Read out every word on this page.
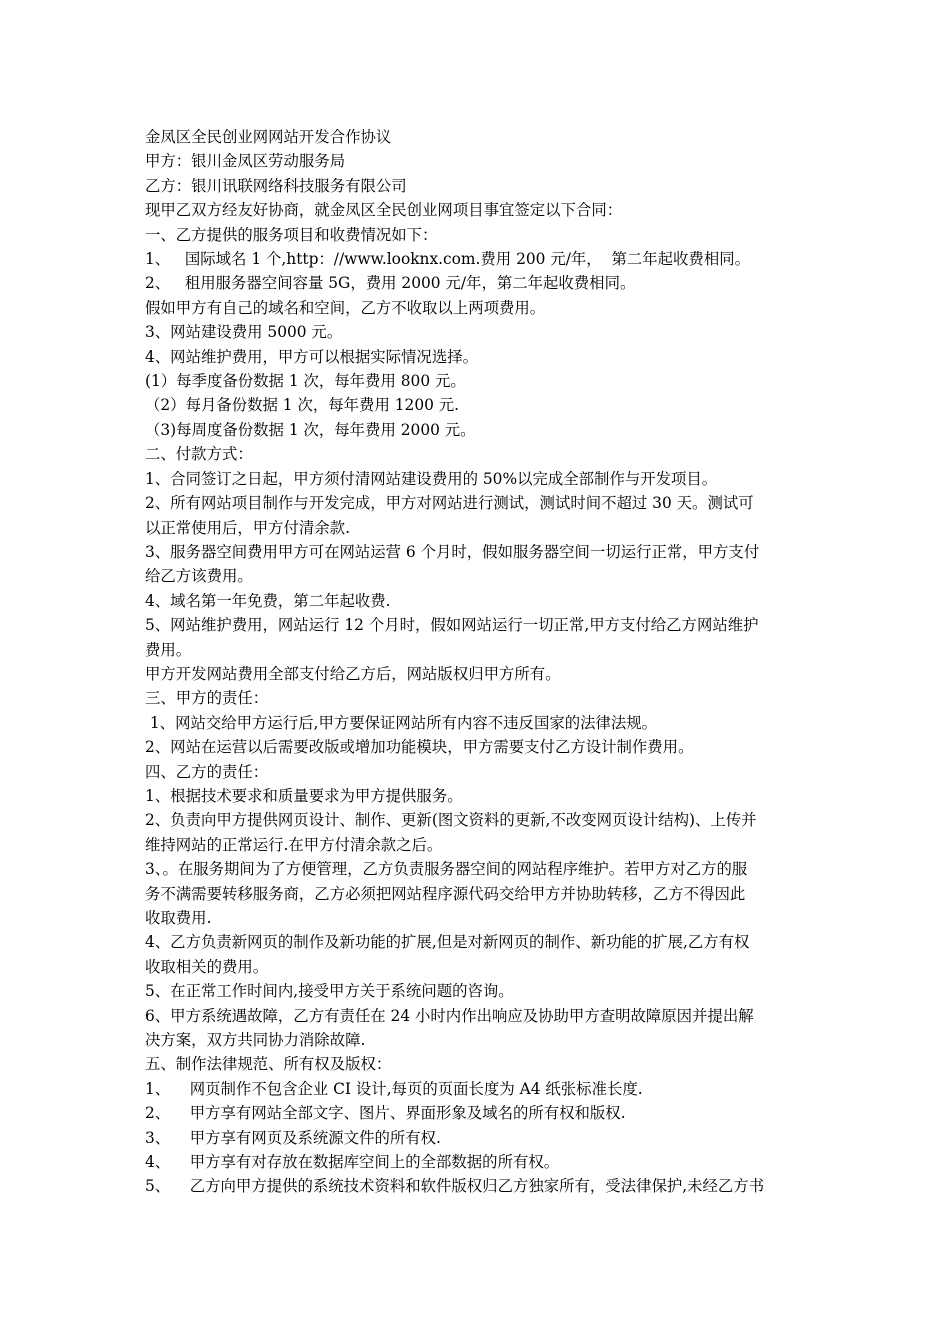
金凤区全民创业网网站开发合作协议

甲方：银川金凤区劳动服务局

乙方：银川讯联网络科技服务有限公司

现甲乙双方经友好协商，就金凤区全民创业网项目事宜签定以下合同：

一、乙方提供的服务项目和收费情况如下：

1、   国际域名 1 个,http：//www.looknx.com.费用 200 元/年，  第二年起收费相同。

2、   租用服务器空间容量 5G，费用 2000 元/年，第二年起收费相同。

假如甲方有自己的域名和空间，乙方不收取以上两项费用。

3、网站建设费用 5000 元。

4、网站维护费用，甲方可以根据实际情况选择。

(1）每季度备份数据 1 次，每年费用 800 元。

（2）每月备份数据 1 次，每年费用 1200 元.

（3)每周度备份数据 1 次，每年费用 2000 元。

二、付款方式：

1、合同签订之日起，甲方须付清网站建设费用的 50%以完成全部制作与开发项目。

2、所有网站项目制作与开发完成，甲方对网站进行测试，测试时间不超过 30 天。测试可

以正常使用后，甲方付清余款.

3、服务器空间费用甲方可在网站运营 6 个月时，假如服务器空间一切运行正常，甲方支付

给乙方该费用。

4、域名第一年免费，第二年起收费.

5、网站维护费用，网站运行 12 个月时，假如网站运行一切正常,甲方支付给乙方网站维护

费用。

甲方开发网站费用全部支付给乙方后，网站版权归甲方所有。

三、甲方的责任：

1、网站交给甲方运行后,甲方要保证网站所有内容不违反国家的法律法规。

2、网站在运营以后需要改版或增加功能模块，甲方需要支付乙方设计制作费用。

四、乙方的责任：

1、根据技术要求和质量要求为甲方提供服务。

2、负责向甲方提供网页设计、制作、更新(图文资料的更新,不改变网页设计结构)、上传并

维持网站的正常运行.在甲方付清余款之后。

3、。在服务期间为了方便管理，乙方负责服务器空间的网站程序维护。若甲方对乙方的服

务不满需要转移服务商，乙方必须把网站程序源代码交给甲方并协助转移，乙方不得因此

收取费用.

4、乙方负责新网页的制作及新功能的扩展,但是对新网页的制作、新功能的扩展,乙方有权

收取相关的费用。

5、在正常工作时间内,接受甲方关于系统问题的咨询。

6、甲方系统遇故障，乙方有责任在 24 小时内作出响应及协助甲方查明故障原因并提出解

决方案，双方共同协力消除故障.

五、制作法律规范、所有权及版权：

1、    网页制作不包含企业 CI 设计,每页的页面长度为 A4 纸张标准长度.

2、    甲方享有网站全部文字、图片、界面形象及域名的所有权和版权.

3、    甲方享有网页及系统源文件的所有权.

4、    甲方享有对存放在数据库空间上的全部数据的所有权。

5、    乙方向甲方提供的系统技术资料和软件版权归乙方独家所有，受法律保护,未经乙方书
